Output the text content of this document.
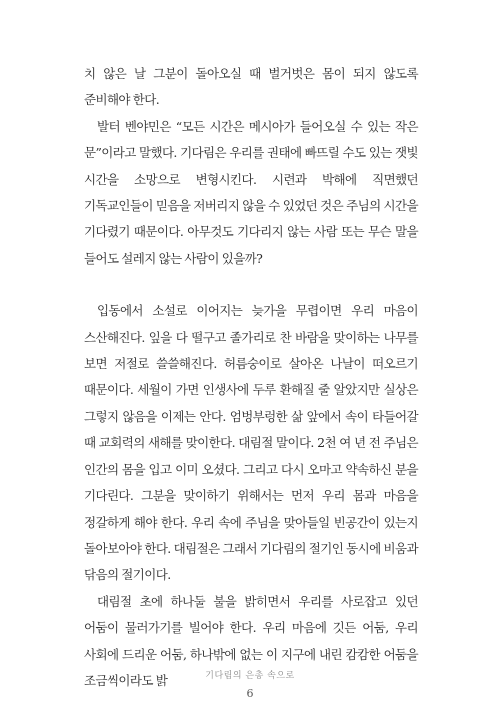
치 않은 날 그분이 돌아오실 때 벌거벗은 몸이 되지 않도록 준비해야 한다.

발터 벤야민은 “모든 시간은 메시아가 들어오실 수 있는 작은 문”이라고 말했다. 기다림은 우리를 권태에 빠뜨릴 수도 있는 잿빛 시간을 소망으로 변형시킨다. 시련과 박해에 직면했던 기독교인들이 믿음을 저버리지 않을 수 있었던 것은 주님의 시간을 기다렸기 때문이다. 아무것도 기다리지 않는 사람 또는 무슨 말을 들어도 설레지 않는 사람이 있을까?

입동에서 소설로 이어지는 늦가을 무렵이면 우리 마음이 스산해진다. 잎을 다 떨구고 졸가리로 찬 바람을 맞이하는 나무를 보면 저절로 쓸쓸해진다. 허름숭이로 살아온 나날이 떠오르기 때문이다. 세월이 가면 인생사에 두루 환해질 줄 알았지만 실상은 그렇지 않음을 이제는 안다. 엄벙부렁한 삶 앞에서 속이 타들어갈 때 교회력의 새해를 맞이한다. 대림절 말이다. 2천 여 년 전 주님은 인간의 몸을 입고 이미 오셨다. 그리고 다시 오마고 약속하신 분을 기다린다. 그분을 맞이하기 위해서는 먼저 우리 몸과 마음을 정갈하게 해야 한다. 우리 속에 주님을 맞아들일 빈공간이 있는지 돌아보아야 한다. 대림절은 그래서 기다림의 절기인 동시에 비움과 닦음의 절기이다.

대림절 초에 하나둘 불을 밝히면서 우리를 사로잡고 있던 어둠이 물러가기를 빌어야 한다. 우리 마음에 깃든 어둠, 우리 사회에 드리운 어둠, 하나밖에 없는 이 지구에 내린 캄캄한 어둠을 조금씩이라도 밝	기다림의 은총 속으로
6
